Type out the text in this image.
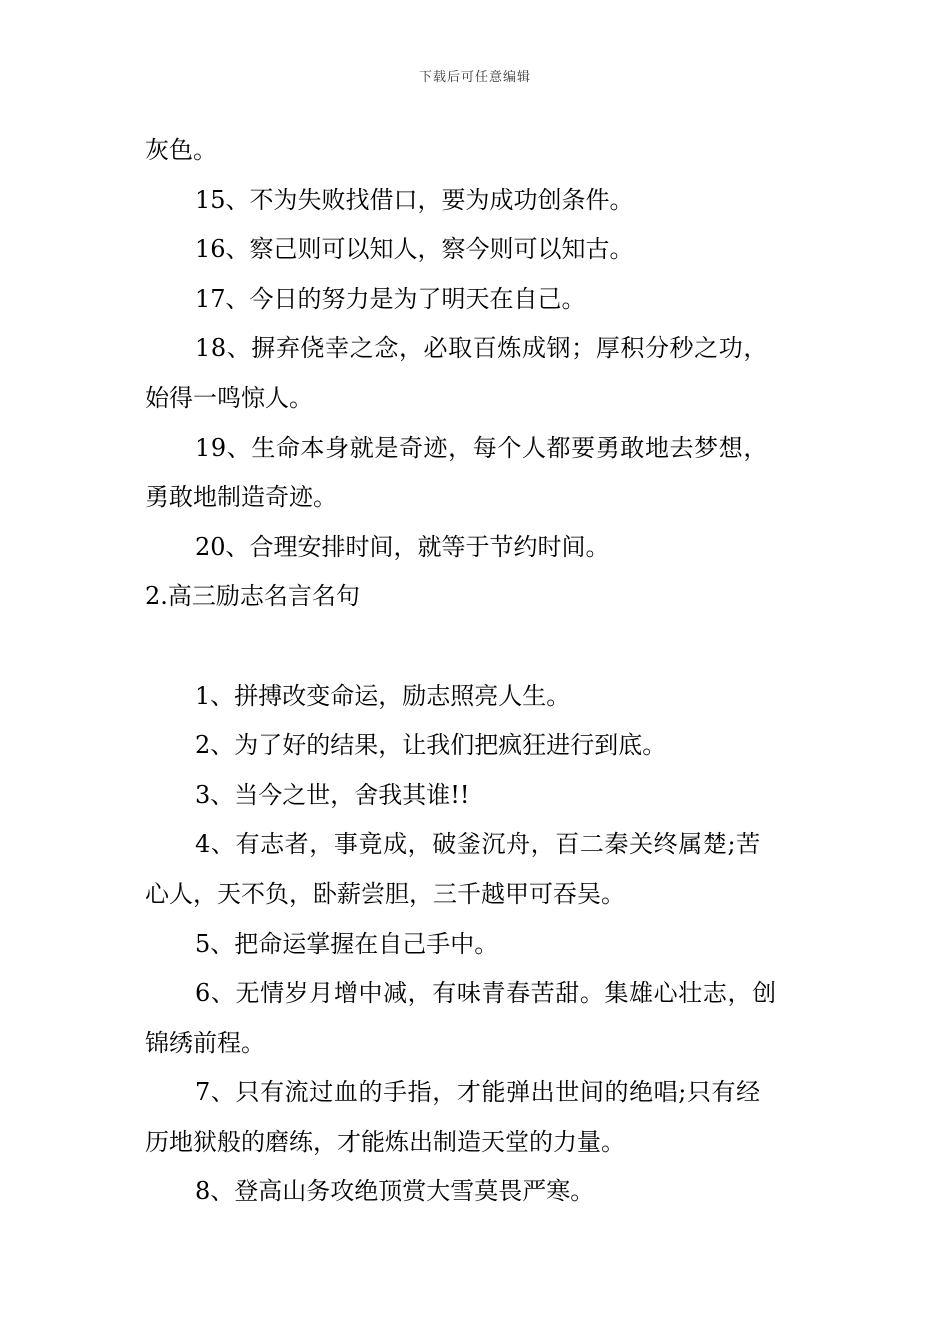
下载后可任意编辑
灰色。
15、不为失败找借口，要为成功创条件。
16、察己则可以知人，察今则可以知古。
17、今日的努力是为了明天在自己。
18、摒弃侥幸之念，必取百炼成钢；厚积分秒之功，
始得一鸣惊人。
19、生命本身就是奇迹，每个人都要勇敢地去梦想，
勇敢地制造奇迹。
20、合理安排时间，就等于节约时间。
2.高三励志名言名句
1、拼搏改变命运，励志照亮人生。
2、为了好的结果，让我们把疯狂进行到底。
3、当今之世，舍我其谁!!
4、有志者，事竟成，破釜沉舟，百二秦关终属楚;苦
心人，天不负，卧薪尝胆，三千越甲可吞吴。
5、把命运掌握在自己手中。
6、无情岁月增中减，有味青春苦甜。集雄心壮志，创
锦绣前程。
7、只有流过血的手指，才能弹出世间的绝唱;只有经
历地狱般的磨练，才能炼出制造天堂的力量。
8、登高山务攻绝顶赏大雪莫畏严寒。
